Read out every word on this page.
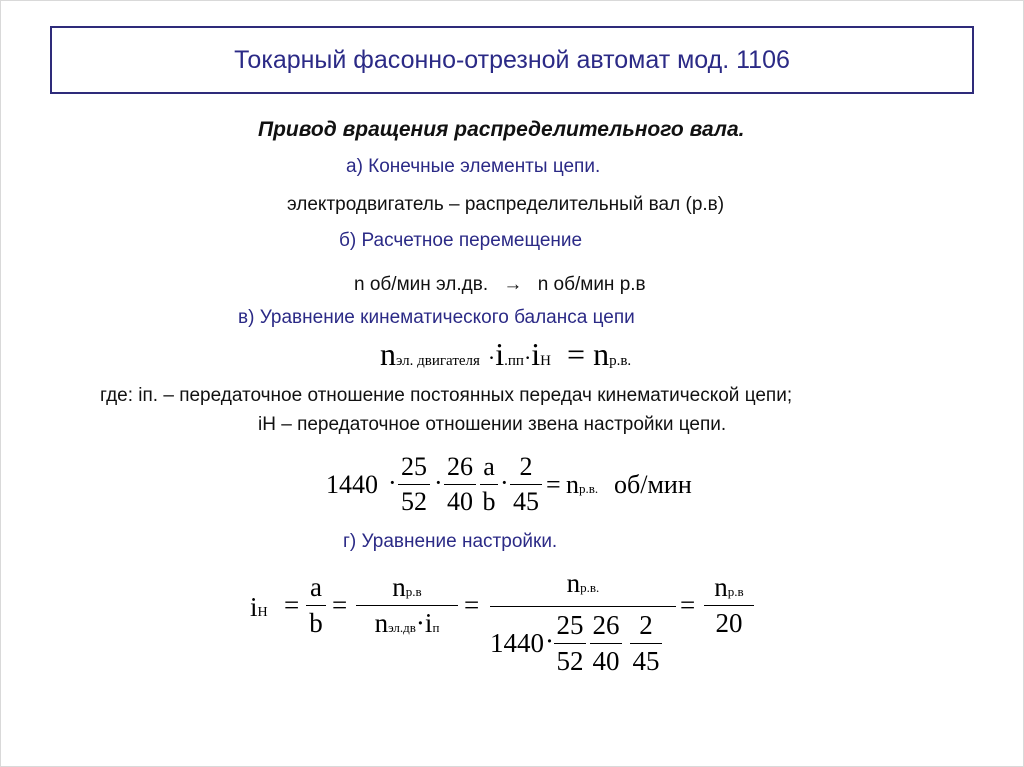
Токарный фасонно-отрезной автомат мод. 1106
Привод вращения распределительного вала.
а) Конечные элементы цепи.
электродвигатель – распределительный вал (р.в)
б) Расчетное перемещение
n об/мин эл.дв. → n об/мин р.в
в) Уравнение кинематического баланса цепи
nэл. двигателя ·i.пп·iН = nр.в.
где: iп. – передаточное отношение постоянных передач кинематической цепи;
iН – передаточное отношении звена настройки цепи.
1440 ·
25
52
·
26
40
a
b
·
2
45
= nр.в. об/мин
г) Уравнение настройки.
iН =
a
b
=
nр.в
nэл.дв·iп
=
nр.в.
1440 ·
25
52
26
40
2
45
=
nр.в
20
